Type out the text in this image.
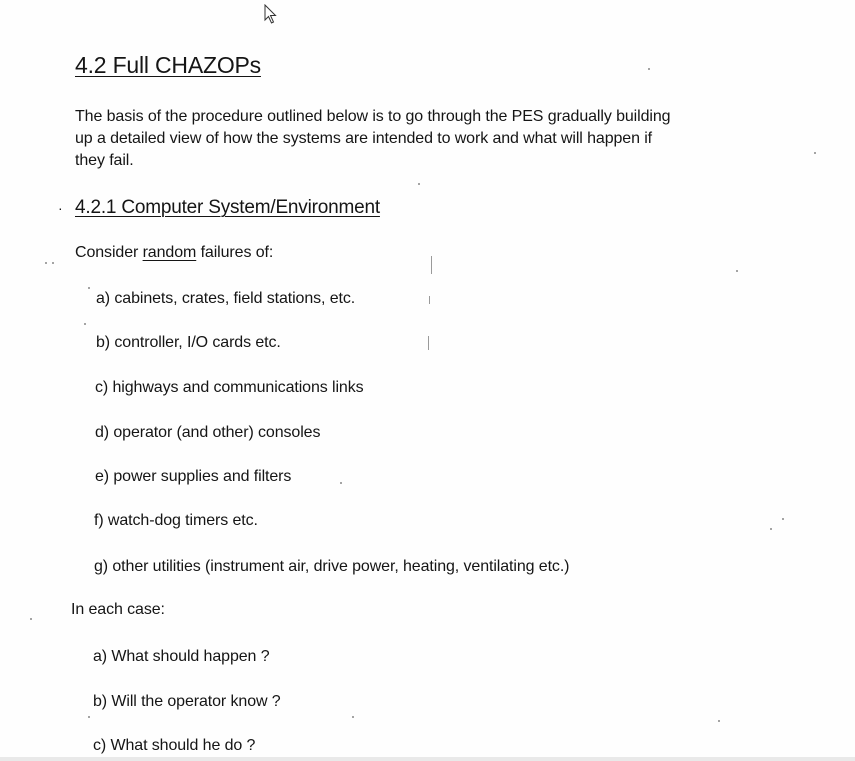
4.2 Full CHAZOPs
The basis of the procedure outlined below is to go through the PES gradually building
up a detailed view of how the systems are intended to work and what will happen if
they fail.
· 4.2.1 Computer System/Environment

Consider random failures of:

a) cabinets, crates, field stations, etc.

b) controller, I/O cards etc.

c) highways and communications links

d) operator (and other) consoles

e) power supplies and filters

f) watch-dog timers etc.

g) other utilities (instrument air, drive power, heating, ventilating etc.)

In each case:

a) What should happen ?

b) Will the operator know ?

c) What should he do ?
